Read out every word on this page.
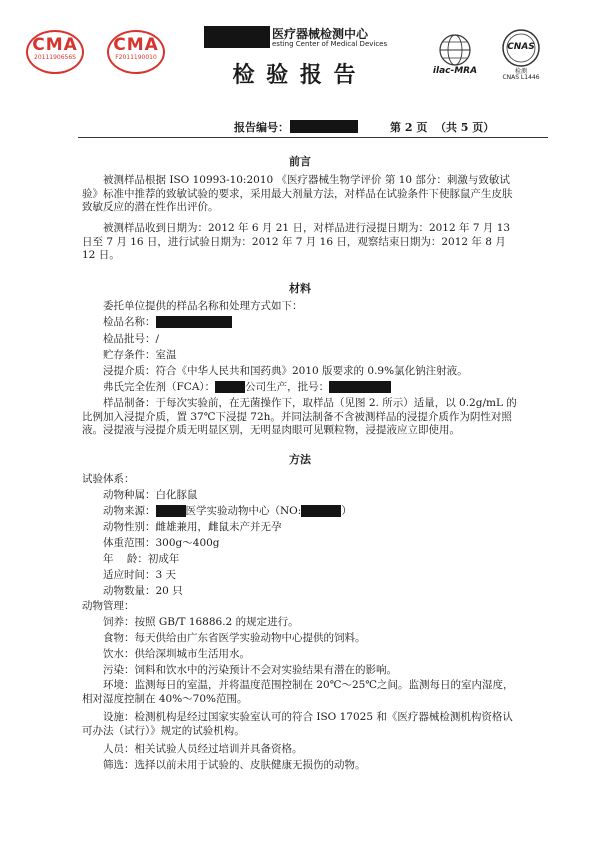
CMA
2011190656S
CMA
F2011190010
医疗器械检测中心
esting Center of Medical Devices
检 验 报 告	ilac-MRA
CNAS
检测
CNAS L1446
报告编号：	第 2 页  （共 5 页）
前言
被测样品根据 ISO 10993-10:2010 《医疗器械生物学评价 第 10 部分：刺激与致敏试验》标准中推荐的致敏试验的要求，采用最大剂量方法，对样品在试验条件下使豚鼠产生皮肤致敏反应的潜在性作出评价。
被测样品收到日期为：2012 年 6 月 21 日，对样品进行浸提日期为：2012 年 7 月 13 日至 7 月 16 日，进行试验日期为：2012 年 7 月 16 日，观察结束日期为：2012 年 8 月 12 日。
材料
委托单位提供的样品名称和处理方式如下：
检品名称：
检品批号：/
贮存条件：室温
浸提介质：符合《中华人民共和国药典》2010 版要求的 0.9%氯化钠注射液。
弗氏完全佐剂（FCA）：	公司生产，批号：
样品制备：于每次实验前，在无菌操作下，取样品（见图 2. 所示）适量，以 0.2g/mL 的比例加入浸提介质，置 37℃下浸提 72h。并同法制备不含被测样品的浸提介质作为阴性对照液。浸提液与浸提介质无明显区别，无明显肉眼可见颗粒物，浸提液应立即使用。
方法
试验体系：
动物种属：白化豚鼠
动物来源：	医学实验动物中心（NO:	）
动物性别：雌雄兼用，雌鼠未产并无孕
体重范围：300g～400g
年    龄：初成年
适应时间：3 天
动物数量：20 只
动物管理：
饲养：按照 GB/T 16886.2 的规定进行。
食物：每天供给由广东省医学实验动物中心提供的饲料。
饮水：供给深圳城市生活用水。
污染：饲料和饮水中的污染预计不会对实验结果有潜在的影响。
环境：监测每日的室温，并将温度范围控制在 20℃～25℃之间。监测每日的室内湿度，相对湿度控制在 40%～70%范围。
设施：检测机构是经过国家实验室认可的符合 ISO 17025 和《医疗器械检测机构资格认可办法（试行）》规定的试验机构。
人员：相关试验人员经过培训并具备资格。
筛选：选择以前未用于试验的、皮肤健康无损伤的动物。
